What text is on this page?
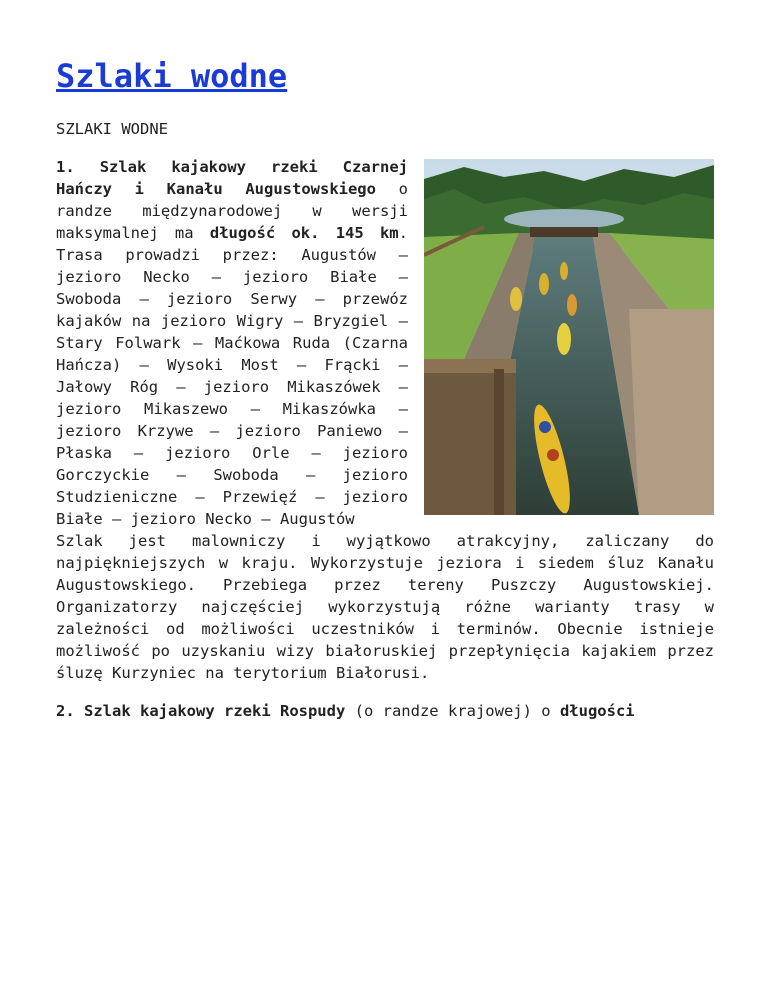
Szlaki wodne
SZLAKI WODNE
1. Szlak kajakowy rzeki Czarnej Hańczy i Kanału Augustowskiego o randze międzynarodowej w wersji maksymalnej ma długość ok. 145 km. Trasa prowadzi przez: Augustów – jezioro Necko – jezioro Białe – Swoboda – jezioro Serwy – przewóz kajaków na jezioro Wigry – Bryzgiel – Stary Folwark – Maćkowa Ruda (Czarna Hańcza) – Wysoki Most – Frącki – Jałowy Róg – jezioro Mikaszówek – jezioro Mikaszewo – Mikaszówka – jezioro Krzywe – jezioro Paniewo – Płaska – jezioro Orle – jezioro Gorczyckie – Swoboda – jezioro Studzieniczne – Przewięź – jezioro Białe – jezioro Necko – Augustów
Szlak jest malowniczy i wyjątkowo atrakcyjny, zaliczany do najpiękniejszych w kraju. Wykorzystuje jeziora i siedem śluz Kanału Augustowskiego. Przebiega przez tereny Puszczy Augustowskiej. Organizatorzy najczęściej wykorzystują różne warianty trasy w zależności od możliwości uczestników i terminów. Obecnie istnieje możliwość po uzyskaniu wizy białoruskiej przepłynięcia kajakiem przez śluzę Kurzyniec na terytorium Białorusi.
2. Szlak kajakowy rzeki Rospudy (o randze krajowej) o długości
